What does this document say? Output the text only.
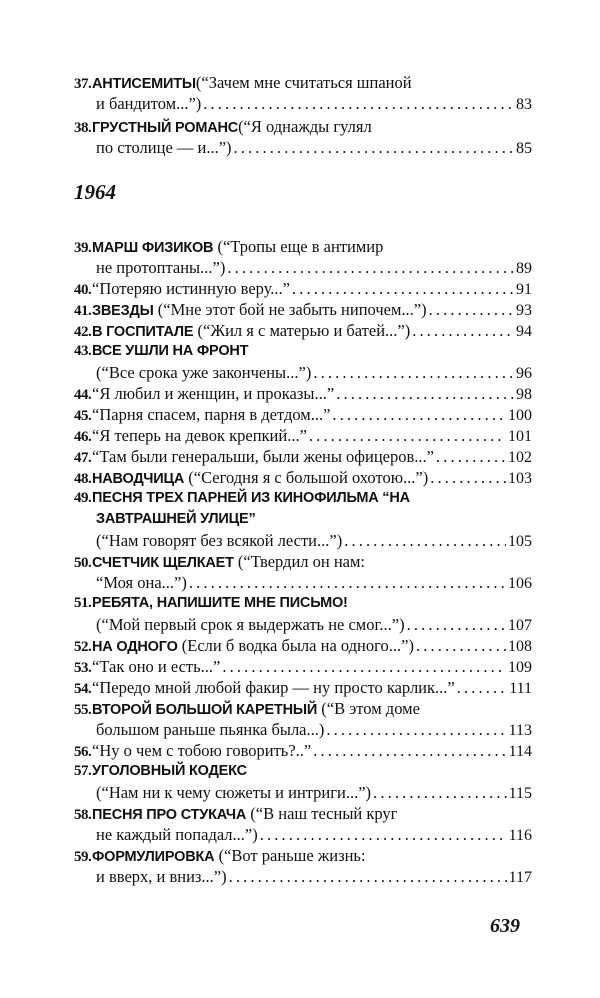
37. АНТИСЕМИТЫ (“Зачем мне считаться шпаной
и бандитом...”) . . .	83
38. ГРУСТНЫЙ РОМАНС (“Я однажды гулял
по столице — и...”) . . .	85
1964
39. МАРШ ФИЗИКОВ (“Тропы еще в антимир
не протоптаны...”) . . .	89
40. “Потеряю истинную веру...” . . .	91
41. ЗВЕЗДЫ (“Мне этот бой не забыть нипочем...”) . . .	93
42. В ГОСПИТАЛЕ (“Жил я с матерью и батей...”) . . .	94
43. ВСЕ УШЛИ НА ФРОНТ
(“Все срока уже закончены...”) . . .	96
44. “Я любил и женщин, и проказы...” . . .	98
45. “Парня спасем, парня в детдом...” . . .	100
46. “Я теперь на девок крепкий...” . . .	101
47. “Там были генеральши, были жены офицеров...” . . .	102
48. НАВОДЧИЦА (“Сегодня я с большой охотою...”) . . .	103
49. ПЕСНЯ ТРЕХ ПАРНЕЙ ИЗ КИНОФИЛЬМА “НА
ЗАВТРАШНЕЙ УЛИЦЕ”
(“Нам говорят без всякой лести...”) . . .	105
50. СЧЕТЧИК ЩЕЛКАЕТ (“Твердил он нам:
“Моя она...”) . . .	106
51. РЕБЯТА, НАПИШИТЕ МНЕ ПИСЬМО!
(“Мой первый срок я выдержать не смог...”) . . .	107
52. НА ОДНОГО (Если б водка была на одного...”) . . .	108
53. “Так оно и есть...” . . .	109
54. “Передо мной любой факир — ну просто карлик...” . . .	111
55. ВТОРОЙ БОЛЬШОЙ КАРЕТНЫЙ (“В этом доме
большом раньше пьянка была...) . . .	113
56. “Ну о чем с тобою говорить?..” . . .	114
57. УГОЛОВНЫЙ КОДЕКС
(“Нам ни к чему сюжеты и интриги...”) . . .	115
58. ПЕСНЯ ПРО СТУКАЧА (“В наш тесный круг
не каждый попадал...”) . . .	116
59. ФОРМУЛИРОВКА (“Вот раньше жизнь:
и вверх, и вниз...”) . . .	117
639
